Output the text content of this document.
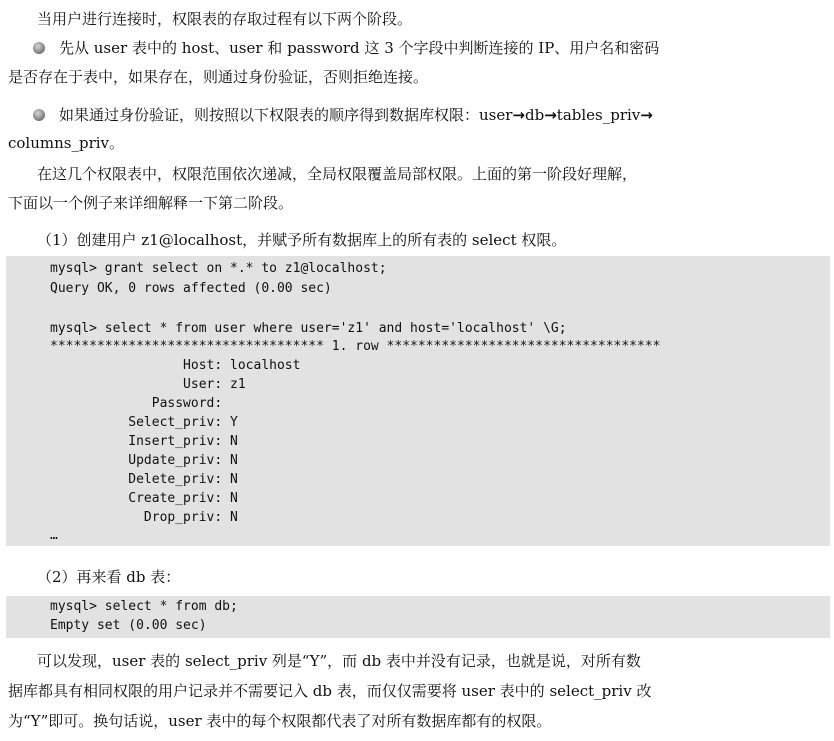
当用户进行连接时，权限表的存取过程有以下两个阶段。
先从 user 表中的 host、user 和 password 这 3 个字段中判断连接的 IP、用户名和密码
是否存在于表中，如果存在，则通过身份验证，否则拒绝连接。
如果通过身份验证，则按照以下权限表的顺序得到数据库权限：user→db→tables_priv→
columns_priv。
在这几个权限表中，权限范围依次递减，全局权限覆盖局部权限。上面的第一阶段好理解，
下面以一个例子来详细解释一下第二阶段。
（1）创建用户 z1@localhost，并赋予所有数据库上的所有表的 select 权限。
mysql> grant select on *.* to z1@localhost;
Query OK, 0 rows affected (0.00 sec)
mysql> select * from user where user='z1' and host='localhost' \G;
*********************************** 1. row ***********************************
Host: localhost
User: z1
Password:
Select_priv: Y
Insert_priv: N
Update_priv: N
Delete_priv: N
Create_priv: N
Drop_priv: N
…
（2）再来看 db 表：
mysql> select * from db;
Empty set (0.00 sec)
可以发现，user 表的 select_priv 列是“Y”，而 db 表中并没有记录，也就是说，对所有数
据库都具有相同权限的用户记录并不需要记入 db 表，而仅仅需要将 user 表中的 select_priv 改
为“Y”即可。换句话说，user 表中的每个权限都代表了对所有数据库都有的权限。
